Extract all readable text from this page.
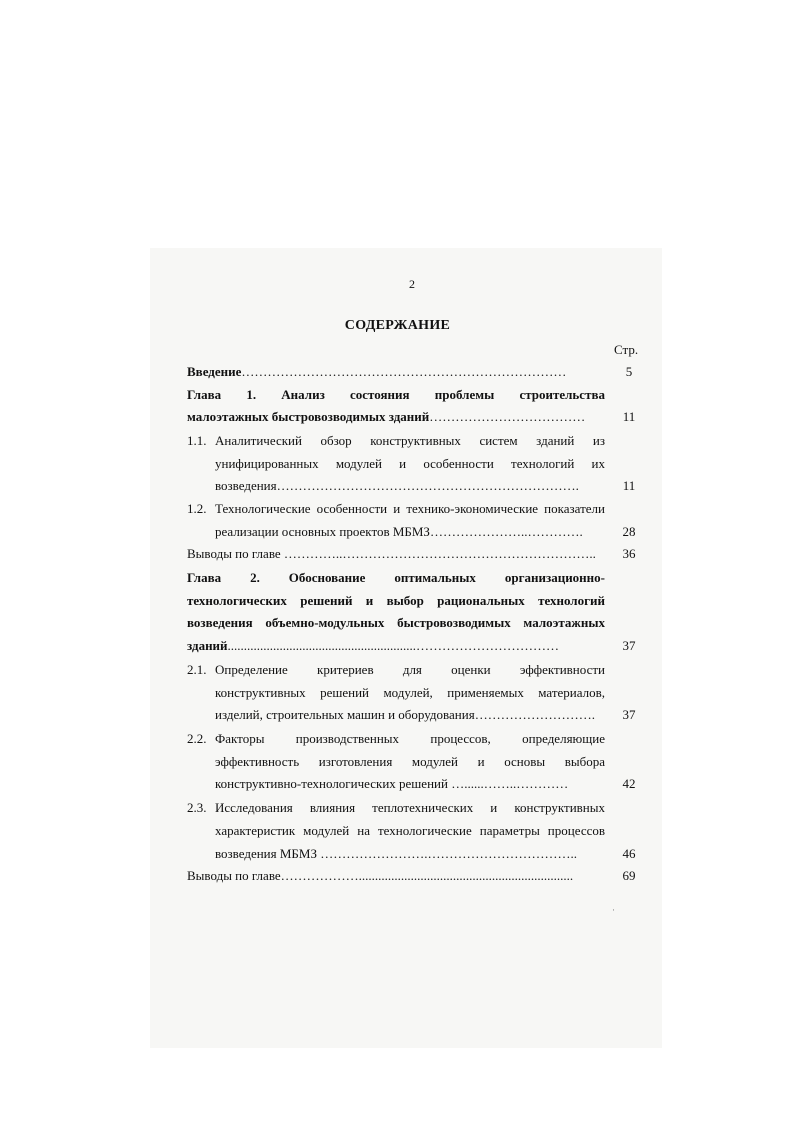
2
СОДЕРЖАНИЕ
Стр.
Введение…………………………………………………………………	5
Глава 1. Анализ состояния проблемы строительства
малоэтажных быстровозводимых зданий………………………………	11
1.1. Аналитический обзор конструктивных систем зданий из
унифицированных модулей и особенности технологий их
возведения…………………………………………………………….	11
1.2. Технологические особенности и технико-экономические показатели
реализации основных проектов МБМЗ…………………..………….	28
Выводы по главе …………..…………………………………………………..	36
Глава 2. Обоснование оптимальных организационно-
технологических решений и выбор рациональных технологий
возведения объемно-модульных быстровозводимых малоэтажных
зданий..........................................................……………………………	37
2.1. Определение критериев для оценки эффективности
конструктивных решений модулей, применяемых материалов,
изделий, строительных машин и оборудования……………………….	37
2.2. Факторы производственных процессов, определяющие
эффективность изготовления модулей и основы выбора
конструктивно-технологических решений …......……..…………	42
2.3. Исследования влияния теплотехнических и конструктивных
характеристик модулей на технологические параметры процессов
возведения МБМЗ …………………….……………………………..	46
Выводы по главе………………..................................................................	69
·
